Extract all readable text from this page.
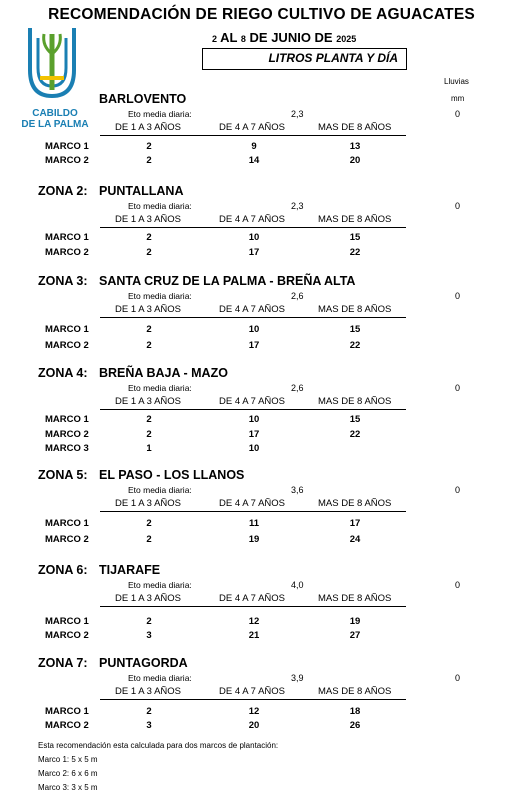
RECOMENDACIÓN DE RIEGO CULTIVO DE AGUACATES
2 AL 8 DE JUNIO DE 2025
LITROS PLANTA Y DÍA
Lluvias
mm
CABILDO
DE LA PALMA
BARLOVENTO
Eto media diaria:	2,3	0
DE 1 A 3 AÑOS	DE 4 A 7 AÑOS	MAS DE 8 AÑOS
MARCO 1	2	9	13
MARCO 2	2	14	20
ZONA 2: PUNTALLANA
Eto media diaria:	2,3	0
DE 1 A 3 AÑOS	DE 4 A 7 AÑOS	MAS DE 8 AÑOS
MARCO 1	2	10	15
MARCO 2	2	17	22
ZONA 3: SANTA CRUZ DE LA PALMA - BREÑA ALTA
Eto media diaria:	2,6	0
DE 1 A 3 AÑOS	DE 4 A 7 AÑOS	MAS DE 8 AÑOS
MARCO 1	2	10	15
MARCO 2	2	17	22
ZONA 4: BREÑA BAJA - MAZO
Eto media diaria:	2,6	0
DE 1 A 3 AÑOS	DE 4 A 7 AÑOS	MAS DE 8 AÑOS
MARCO 1	2	10	15
MARCO 2	2	17	22
MARCO 3	1	10
ZONA 5: EL PASO - LOS LLANOS
Eto media diaria:	3,6	0
DE 1 A 3 AÑOS	DE 4 A 7 AÑOS	MAS DE 8 AÑOS
MARCO 1	2	11	17
MARCO 2	2	19	24
ZONA 6: TIJARAFE
Eto media diaria:	4,0	0
DE 1 A 3 AÑOS	DE 4 A 7 AÑOS	MAS DE 8 AÑOS
MARCO 1	2	12	19
MARCO 2	3	21	27
ZONA 7: PUNTAGORDA
Eto media diaria:	3,9	0
DE 1 A 3 AÑOS	DE 4 A 7 AÑOS	MAS DE 8 AÑOS
MARCO 1	2	12	18
MARCO 2	3	20	26
Esta recomendación esta calculada para dos marcos de plantación:
Marco 1: 5 x 5 m
Marco 2: 6 x 6 m
Marco 3: 3 x 5 m
